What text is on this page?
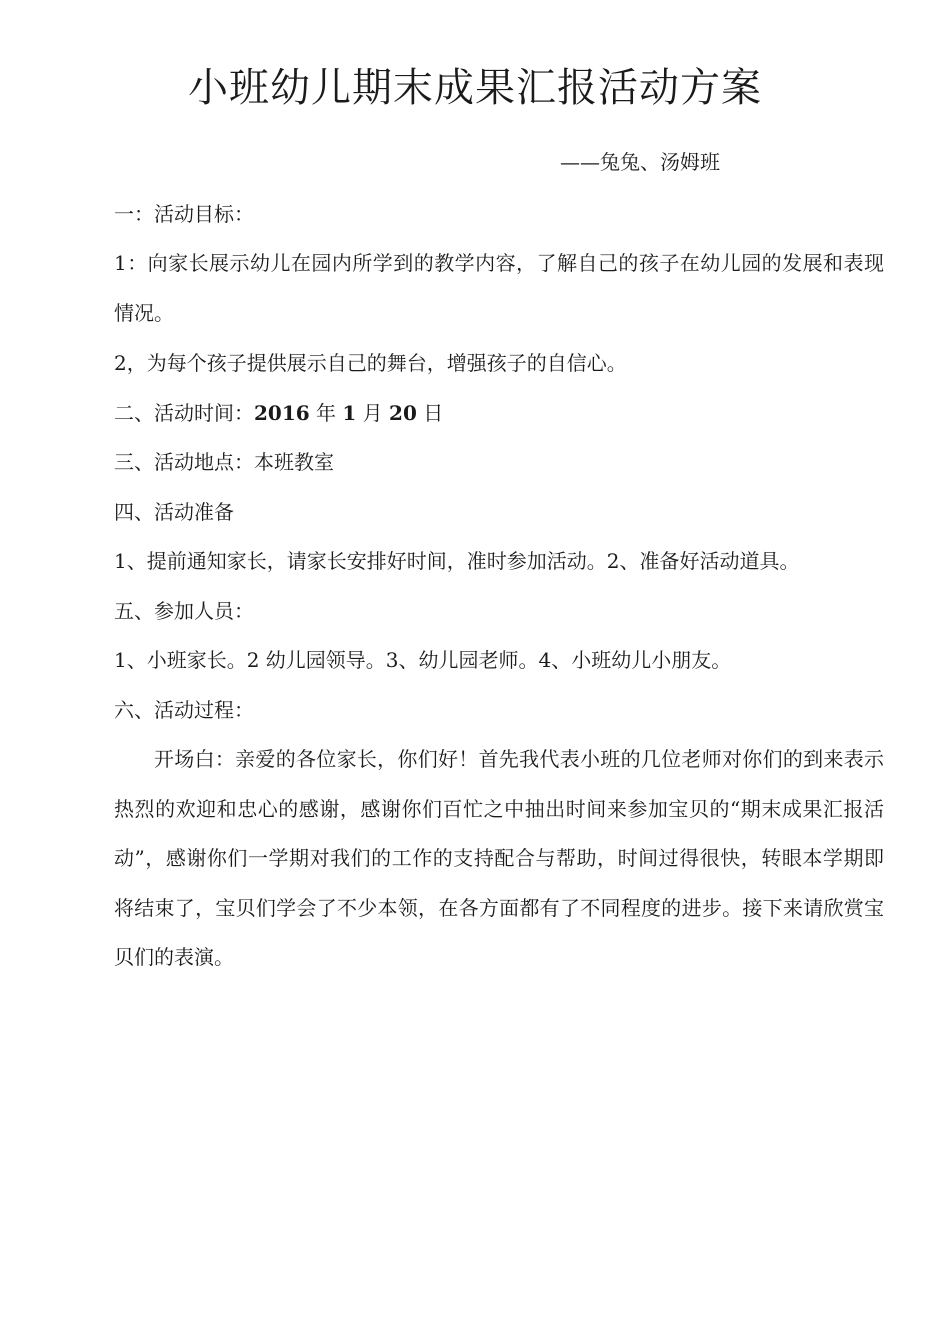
小班幼儿期末成果汇报活动方案
——兔兔、汤姆班
一：活动目标：
1：向家长展示幼儿在园内所学到的教学内容，了解自己的孩子在幼儿园的发展和表现情况。
2，为每个孩子提供展示自己的舞台，增强孩子的自信心。
二、活动时间：2016 年 1 月 20 日
三、活动地点：本班教室
四、活动准备
1、提前通知家长，请家长安排好时间，准时参加活动。2、准备好活动道具。
五、参加人员：
1、小班家长。2 幼儿园领导。3、幼儿园老师。4、小班幼儿小朋友。
六、活动过程：
开场白：亲爱的各位家长，你们好！首先我代表小班的几位老师对你们的到来表示热烈的欢迎和忠心的感谢，感谢你们百忙之中抽出时间来参加宝贝的“期末成果汇报活动”，感谢你们一学期对我们的工作的支持配合与帮助，时间过得很快，转眼本学期即将结束了，宝贝们学会了不少本领，在各方面都有了不同程度的进步。接下来请欣赏宝贝们的表演。
